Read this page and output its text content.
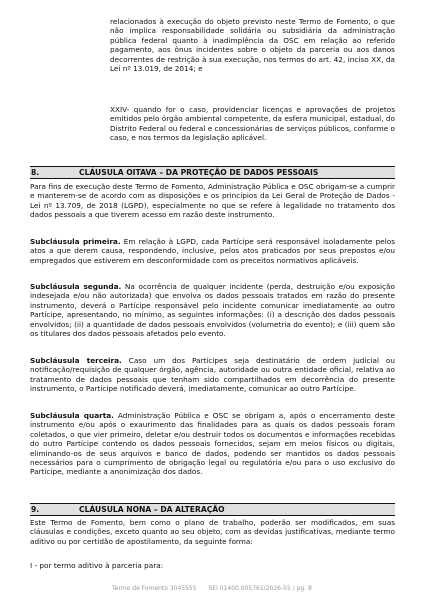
relacionados à execução do objeto previsto neste Termo de Fomento, o que não implica responsabilidade solidária ou subsidiária da administração pública federal quanto à inadimplência da OSC em relação ao referido pagamento, aos ônus incidentes sobre o objeto da parceria ou aos danos decorrentes de restrição à sua execução, nos termos do art. 42, inciso XX, da Lei nº 13.019, de 2014; e

XXIV- quando for o caso, providenciar licenças e aprovações de projetos emitidos pelo órgão ambiental competente, da esfera municipal, estadual, do Distrito Federal ou federal e concessionárias de serviços públicos, conforme o caso, e nos termos da legislação aplicável.

8.	CLÁUSULA OITAVA – DA PROTEÇÃO DE DADOS PESSOAIS

Para fins de execução deste Termo de Fomento, Administração Pública e OSC obrigam-se a cumprir e manterem-se de acordo com as disposições e os princípios da Lei Geral de Proteção de Dados - Lei nº 13.709, de 2018 (LGPD), especialmente no que se refere à legalidade no tratamento dos dados pessoais a que tiverem acesso em razão deste instrumento.

Subcláusula primeira. Em relação à LGPD, cada Partícipe será responsável isoladamente pelos atos a que derem causa, respondendo, inclusive, pelos atos praticados por seus prepostos e/ou empregados que estiverem em desconformidade com os preceitos normativos aplicáveis.

Subcláusula segunda. Na ocorrência de qualquer incidente (perda, destruição e/ou exposição indesejada e/ou não autorizada) que envolva os dados pessoais tratados em razão do presente instrumento, deverá o Partícipe responsável pelo incidente comunicar imediatamente ao outro Partícipe, apresentando, no mínimo, as seguintes informações: (i) a descrição dos dados pessoais envolvidos; (ii) a quantidade de dados pessoais envolvidos (volumetria do evento); e (iii) quem são os titulares dos dados pessoais afetados pelo evento.

Subcláusula terceira. Caso um dos Partícipes seja destinatário de ordem judicial ou notificação/requisição de qualquer órgão, agência, autoridade ou outra entidade oficial, relativa ao tratamento de dados pessoais que tenham sido compartilhados em decorrência do presente instrumento, o Partícipe notificado deverá, imediatamente, comunicar ao outro Partícipe.

Subcláusula quarta. Administração Pública e OSC se obrigam a, após o encerramento deste instrumento e/ou após o exaurimento das finalidades para as quais os dados pessoais foram coletados, o que vier primeiro, deletar e/ou destruir todos os documentos e informações recebidas do outro Partícipe contendo os dados pessoais fornecidos, sejam em meios físicos ou digitais, eliminando-os de seus arquivos e banco de dados, podendo ser mantidos os dados pessoais necessários para o cumprimento de obrigação legal ou regulatória e/ou para o uso exclusivo do Partícipe, mediante a anonimização dos dados.

9.	CLÁUSULA NONA – DA ALTERAÇÃO

Este Termo de Fomento, bem como o plano de trabalho, poderão ser modificados, em suas cláusulas e condições, exceto quanto ao seu objeto, com as devidas justificativas, mediante termo aditivo ou por certidão de apostilamento, da seguinte forma:

I - por termo aditivo à parceria para:

Termo de Fomento 3045555 SEI 01400.005761/2026-55 / pg. 8
